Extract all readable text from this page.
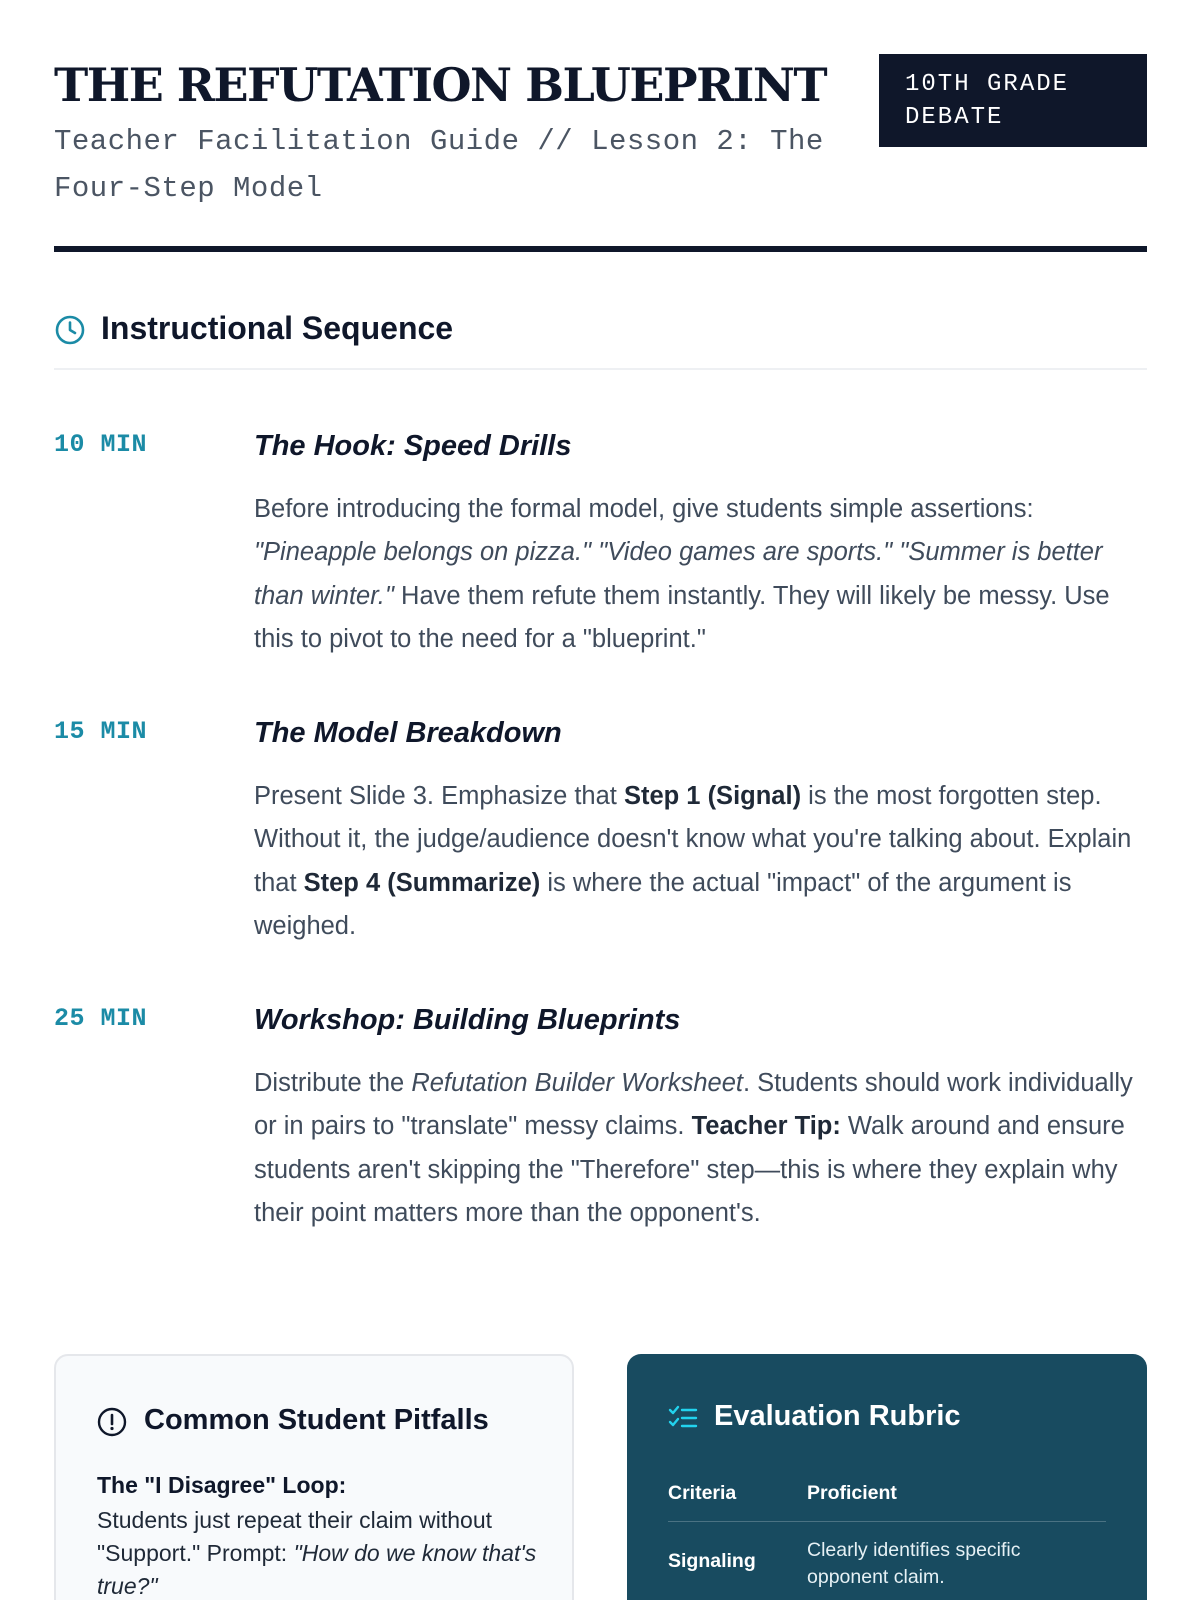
THE REFUTATION BLUEPRINT
Teacher Facilitation Guide // Lesson 2: The Four-Step Model
10TH GRADE DEBATE
Instructional Sequence
10 MIN	The Hook: Speed Drills

Before introducing the formal model, give students simple assertions: "Pineapple belongs on pizza." "Video games are sports." "Summer is better than winter." Have them refute them instantly. They will likely be messy. Use this to pivot to the need for a "blueprint."

15 MIN	The Model Breakdown

Present Slide 3. Emphasize that Step 1 (Signal) is the most forgotten step. Without it, the judge/audience doesn't know what you're talking about. Explain that Step 4 (Summarize) is where the actual "impact" of the argument is weighed.

25 MIN	Workshop: Building Blueprints

Distribute the Refutation Builder Worksheet. Students should work individually or in pairs to "translate" messy claims. Teacher Tip: Walk around and ensure students aren't skipping the "Therefore" step—this is where they explain why their point matters more than the opponent's.

Common Student Pitfalls
The "I Disagree" Loop:

Students just repeat their claim without "Support." Prompt: "How do we know that's true?"

Evaluation Rubric
Criteria	Proficient
Signaling	Clearly identifies specific opponent claim.
